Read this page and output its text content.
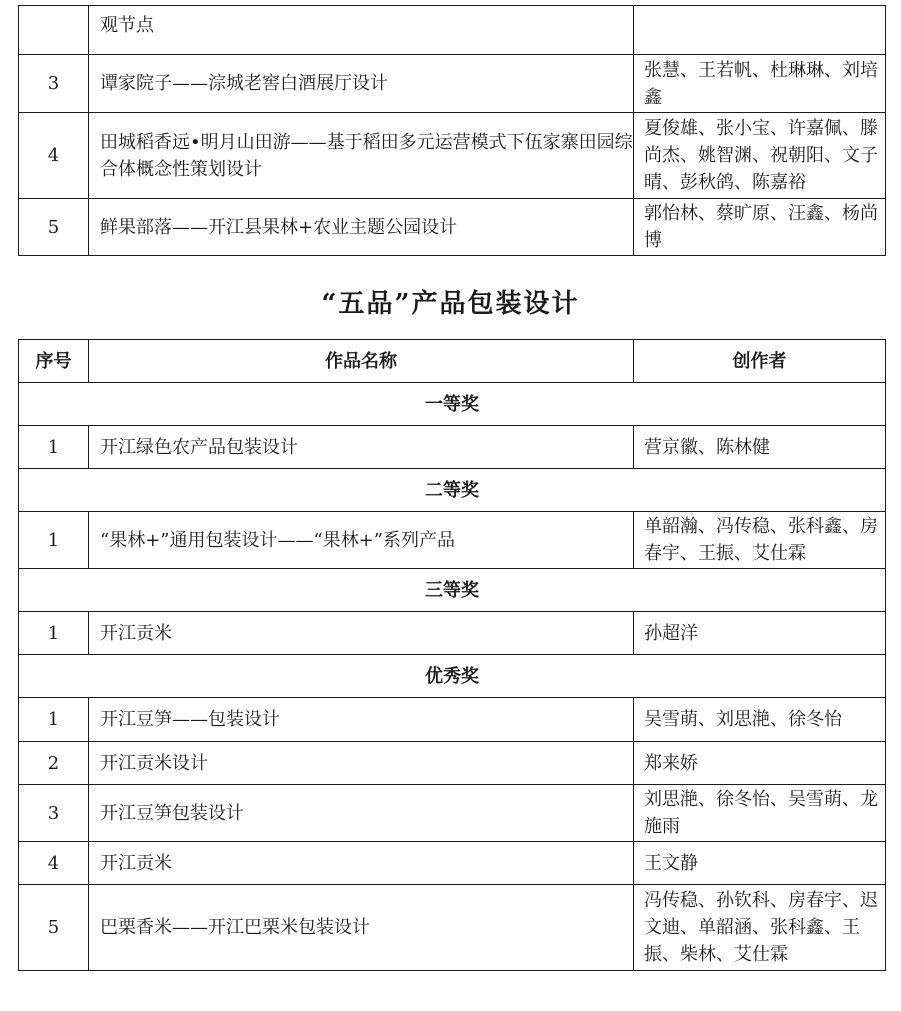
	观节点	
3	谭家院子——淙城老窖白酒展厅设计	张慧、王若帆、杜琳琳、刘培鑫
4	田城稻香远•明月山田游——基于稻田多元运营模式下伍家寨田园综合体概念性策划设计	夏俊雄、张小宝、许嘉佩、滕尚杰、姚智渊、祝朝阳、文子晴、彭秋鸽、陈嘉裕
5	鲜果部落——开江县果林+农业主题公园设计	郭怡林、蔡旷原、汪鑫、杨尚博
“五品”产品包装设计
序号	作品名称	创作者
一等奖		
1	开江绿色农产品包装设计	营京徽、陈林健
二等奖		
1	“果林+”通用包装设计——“果林+”系列产品	单韶瀚、冯传稳、张科鑫、房春宇、王振、艾仕霖
三等奖		
1	开江贡米	孙超洋
优秀奖		
1	开江豆笋——包装设计	吴雪萌、刘思滟、徐冬怡
2	开江贡米设计	郑来娇
3	开江豆笋包装设计	刘思滟、徐冬怡、吴雪萌、龙施雨
4	开江贡米	王文静
5	巴栗香米——开江巴栗米包装设计	冯传稳、孙钦科、房春宇、迟文迪、单韶涵、张科鑫、王振、柴林、艾仕霖
